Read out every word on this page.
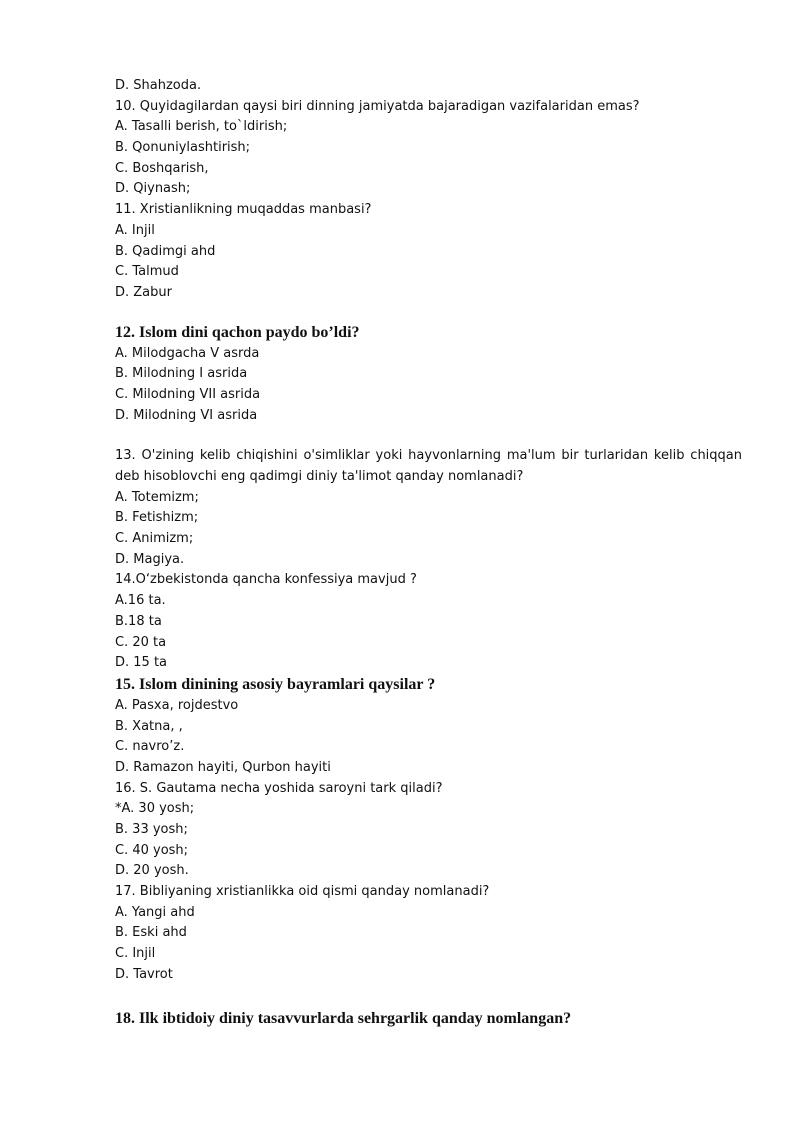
D. Shahzoda.
10. Quyidagilardan qaysi biri dinning jamiyatda bajaradigan vazifalaridan emas?
A. Tasalli berish, to`ldirish;
B. Qonuniylashtirish;
C. Boshqarish,
D. Qiynash;
11. Xristianlikning muqaddas manbasi?
A. Injil
B. Qadimgi ahd
C. Talmud
D. Zabur
12. Islom dini qachon paydo bo’ldi?
A. Milodgacha V asrda
B. Milodning I asrida
C. Milodning VII asrida
D. Milodning VI asrida
13. O'zining kelib chiqishini o'simliklar yoki hayvonlarning ma'lum bir turlaridan kelib chiqqan deb hisoblovchi eng qadimgi diniy ta'limot qanday nomlanadi?
A. Totemizm;
B. Fetishizm;
C. Animizm;
D. Magiya.
14.O‘zbekistonda qancha konfessiya mavjud ?
A.16 ta.
B.18 ta
C. 20 ta
D. 15 ta
15. Islom dinining asosiy bayramlari qaysilar ?
A. Pasxa, rojdestvo
B. Xatna, ,
C. navro’z.
D. Ramazon hayiti, Qurbon hayiti
16. S. Gautama necha yoshida saroyni tark qiladi?
*A. 30 yosh;
B. 33 yosh;
C. 40 yosh;
D. 20 yosh.
17. Bibliyaning xristianlikka oid qismi qanday nomlanadi?
A. Yangi ahd
B. Eski ahd
C. Injil
D. Tavrot
18. Ilk ibtidoiy diniy tasavvurlarda sehrgarlik qanday nomlangan?
